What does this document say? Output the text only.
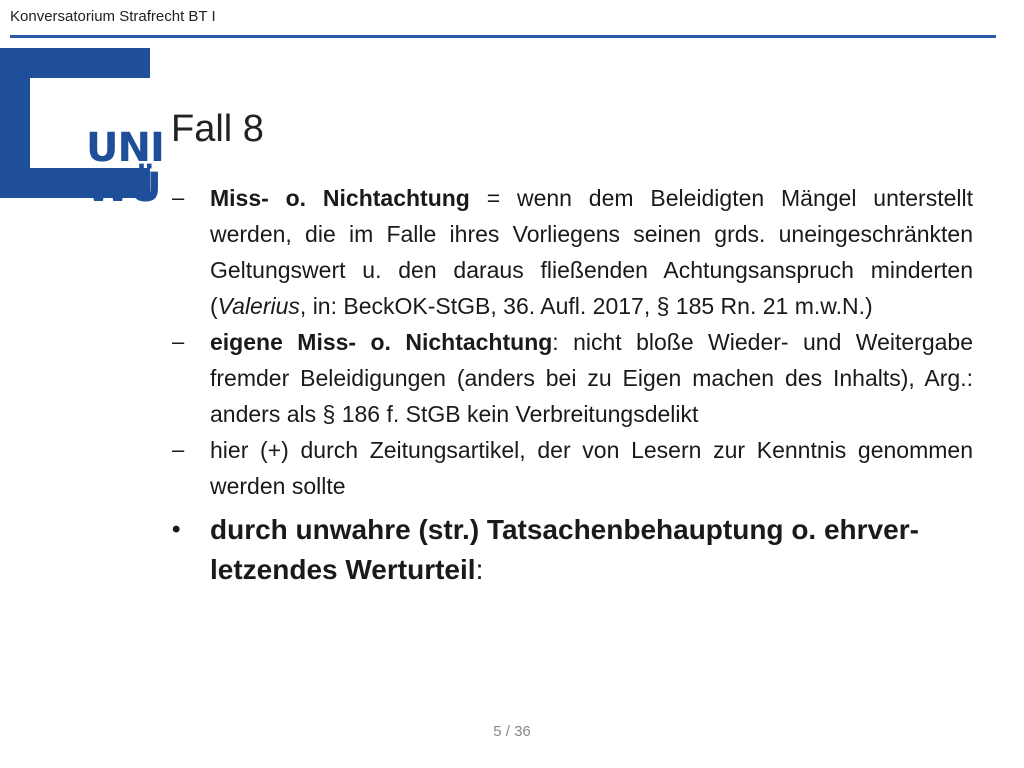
Konversatorium Strafrecht BT I
UNI
WÜ
Fall 8
–	Miss- o. Nichtachtung = wenn dem Beleidigten Mängel unterstellt werden, die im Falle ihres Vorliegens seinen grds. uneingeschränkten Geltungswert u. den daraus fließenden Achtungsanspruch minderten (Valerius, in: BeckOK-StGB, 36. Aufl. 2017, § 185 Rn. 21 m.w.N.)
–	eigene Miss- o. Nichtachtung: nicht bloße Wieder- und Weitergabe fremder Beleidigungen (anders bei zu Eigen machen des Inhalts), Arg.: anders als § 186 f. StGB kein Verbreitungsdelikt
–	hier (+) durch Zeitungsartikel, der von Lesern zur Kenntnis genommen werden sollte
•	durch unwahre (str.) Tatsachenbehauptung o. ehrver-letzendes Werturteil:
5 / 36
